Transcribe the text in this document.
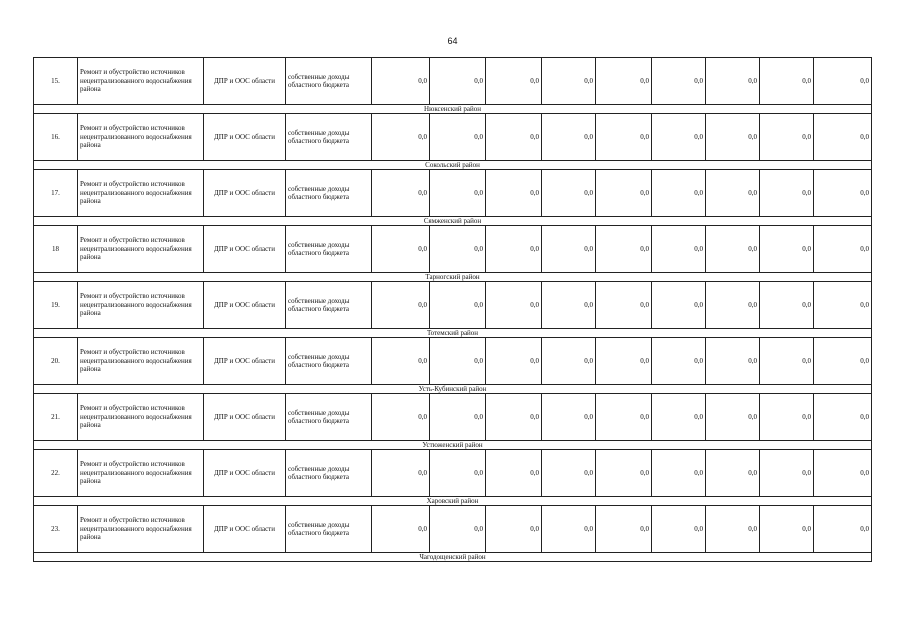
64
15.	Ремонт и обустройство источников нецентрализованного водоснабжения района	ДПР и ООС области	собственные доходы областного бюджета	0,0	0,0	0,0	0,0	0,0	0,0	0,0	0,0	0,0
Нюксенский район												
16.	Ремонт и обустройство источников нецентрализованного водоснабжения района	ДПР и ООС области	собственные доходы областного бюджета	0,0	0,0	0,0	0,0	0,0	0,0	0,0	0,0	0,0
Сокольский район												
17.	Ремонт и обустройство источников нецентрализованного водоснабжения района	ДПР и ООС области	собственные доходы областного бюджета	0,0	0,0	0,0	0,0	0,0	0,0	0,0	0,0	0,0
Сямженский район												
18	Ремонт и обустройство источников нецентрализованного водоснабжения района	ДПР и ООС области	собственные доходы областного бюджета	0,0	0,0	0,0	0,0	0,0	0,0	0,0	0,0	0,0
Тарногский район												
19.	Ремонт и обустройство источников нецентрализованного водоснабжения района	ДПР и ООС области	собственные доходы областного бюджета	0,0	0,0	0,0	0,0	0,0	0,0	0,0	0,0	0,0
Тотемский район												
20.	Ремонт и обустройство источников нецентрализованного водоснабжения района	ДПР и ООС области	собственные доходы областного бюджета	0,0	0,0	0,0	0,0	0,0	0,0	0,0	0,0	0,0
Усть-Кубинский район												
21.	Ремонт и обустройство источников нецентрализованного водоснабжения района	ДПР и ООС области	собственные доходы областного бюджета	0,0	0,0	0,0	0,0	0,0	0,0	0,0	0,0	0,0
Устюженский район												
22.	Ремонт и обустройство источников нецентрализованного водоснабжения района	ДПР и ООС области	собственные доходы областного бюджета	0,0	0,0	0,0	0,0	0,0	0,0	0,0	0,0	0,0
Харовский район												
23.	Ремонт и обустройство источников нецентрализованного водоснабжения района	ДПР и ООС области	собственные доходы областного бюджета	0,0	0,0	0,0	0,0	0,0	0,0	0,0	0,0	0,0
Чагодощенский район												
